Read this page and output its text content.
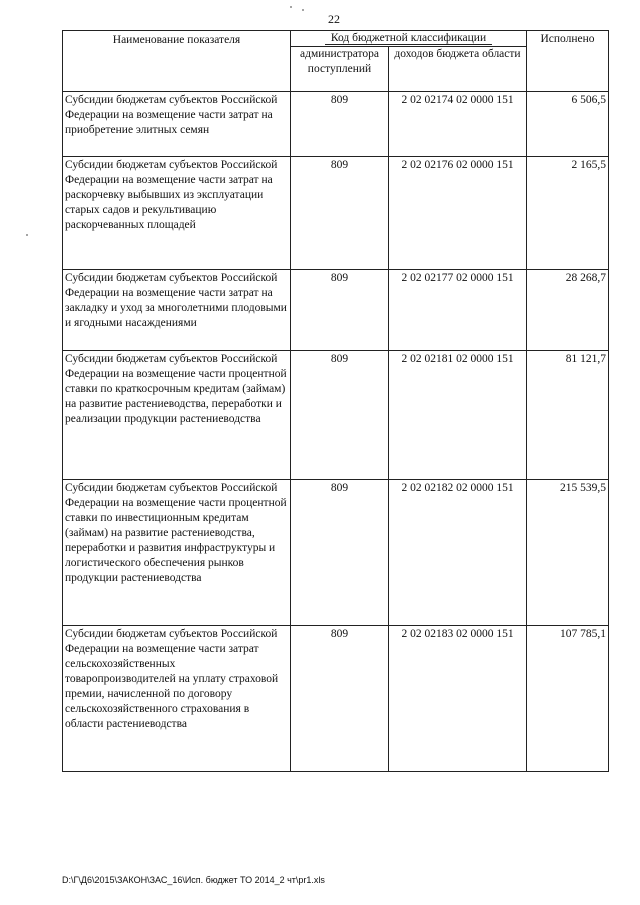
22
Наименование показателя	Код бюджетной классификации		Исполнено
	администратора поступлений	доходов бюджета области	
Субсидии бюджетам субъектов Российской Федерации на возмещение части затрат на приобретение элитных семян	809	2 02 02174 02 0000 151	6 506,5
Субсидии бюджетам субъектов Российской Федерации на возмещение части затрат на раскорчевку выбывших из эксплуатации старых садов и рекультивацию раскорчеванных площадей	809	2 02 02176 02 0000 151	2 165,5
Субсидии бюджетам субъектов Российской Федерации на возмещение части затрат на закладку и уход за многолетними плодовыми и ягодными насаждениями	809	2 02 02177 02 0000 151	28 268,7
Субсидии бюджетам субъектов Российской Федерации на возмещение части процентной ставки по краткосрочным кредитам (займам) на развитие растениеводства, переработки и реализации продукции растениеводства	809	2 02 02181 02 0000 151	81 121,7
Субсидии бюджетам субъектов Российской Федерации на возмещение части процентной ставки по инвестиционным кредитам (займам) на развитие растениеводства, переработки и развития инфраструктуры и логистического обеспечения рынков продукции растениеводства	809	2 02 02182 02 0000 151	215 539,5
Субсидии бюджетам субъектов Российской Федерации на возмещение части затрат сельскохозяйственных товаропроизводителей на уплату страховой премии, начисленной по договору сельскохозяйственного страхования в области растениеводства	809	2 02 02183 02 0000 151	107 785,1
D:\Г\Д6\2015\ЗАКОН\ЗАС_16\Исп. бюджет ТО 2014_2 чт\pr1.xls
